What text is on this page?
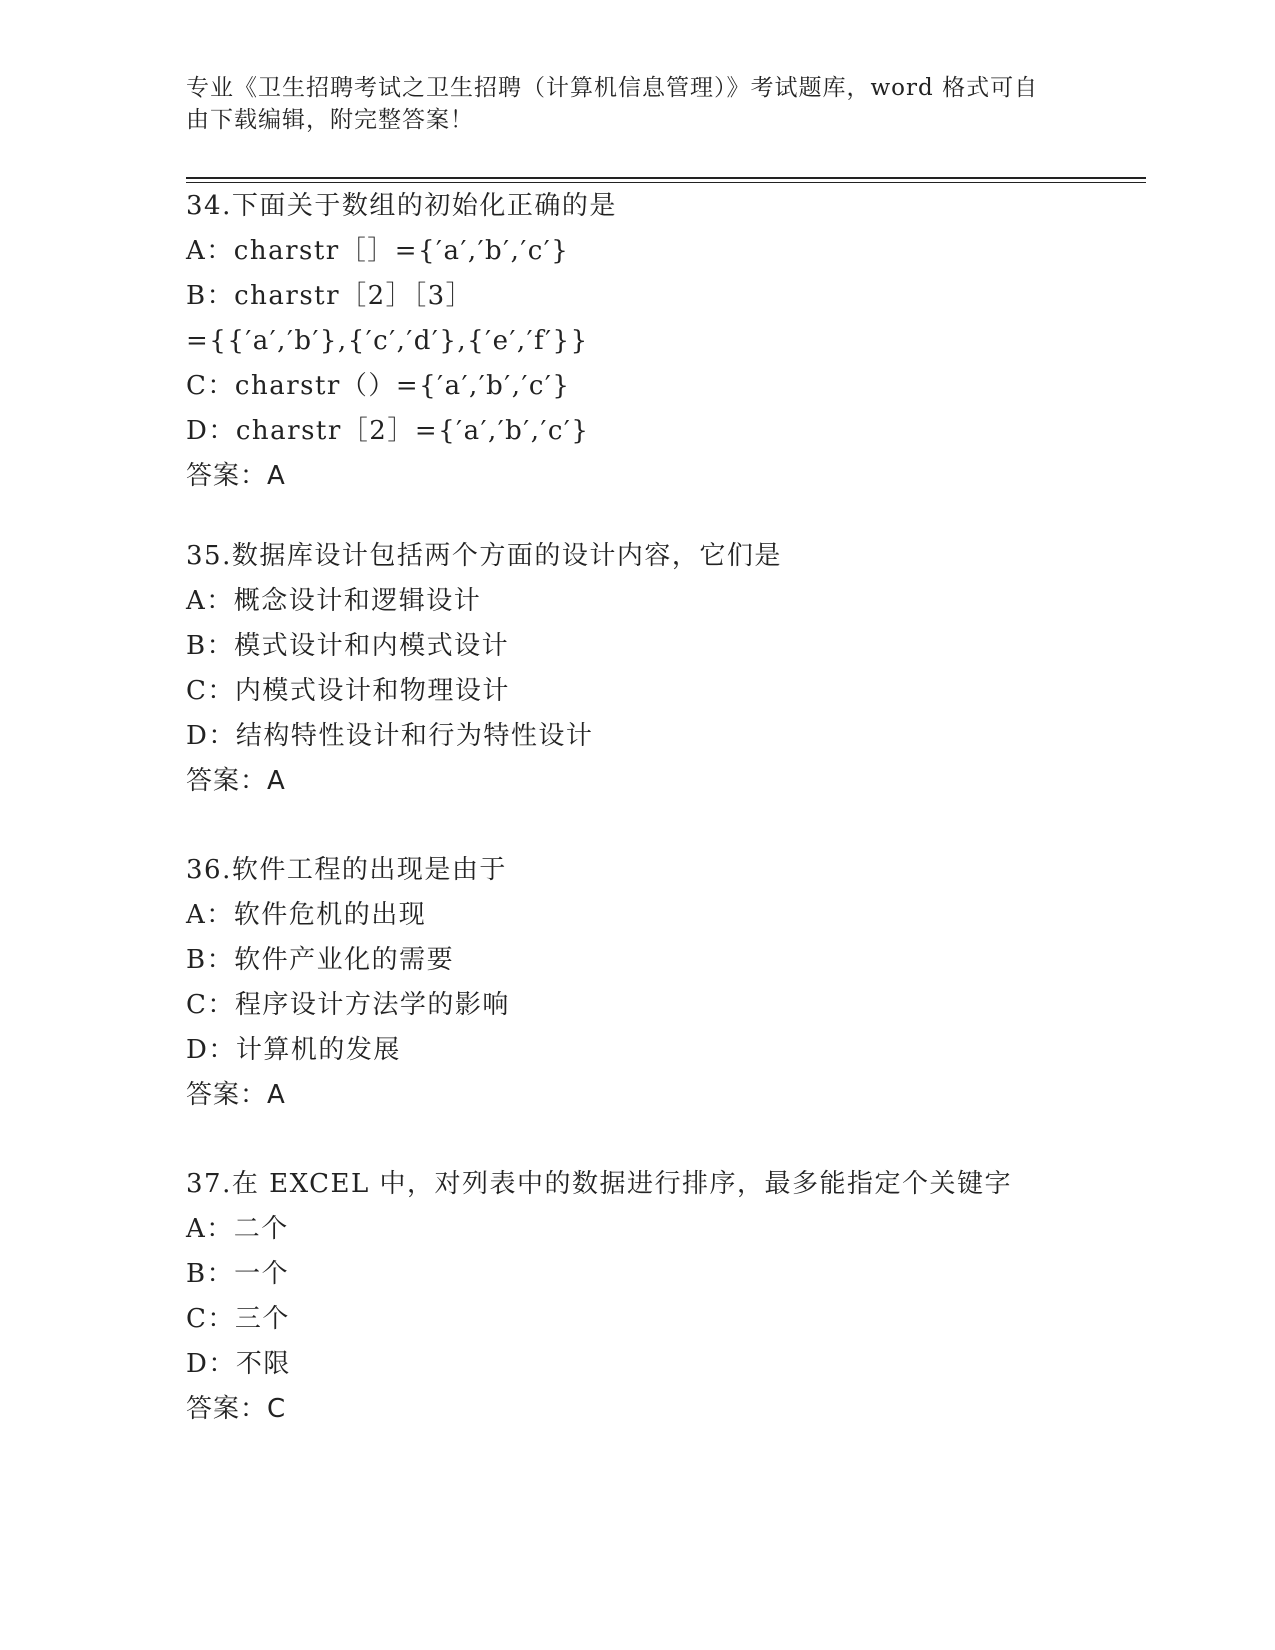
专业《卫生招聘考试之卫生招聘（计算机信息管理）》考试题库，word 格式可自
由下载编辑，附完整答案！
34.下面关于数组的初始化正确的是
A：charstr［］={′a′,′b′,′c′}
B：charstr［2］［3］
={{′a′,′b′},{′c′,′d′},{′e′,′f′}}
C：charstr（）={′a′,′b′,′c′}
D：charstr［2］={′a′,′b′,′c′}
答案：A
35.数据库设计包括两个方面的设计内容，它们是
A：概念设计和逻辑设计
B：模式设计和内模式设计
C：内模式设计和物理设计
D：结构特性设计和行为特性设计
答案：A
36.软件工程的出现是由于
A：软件危机的出现
B：软件产业化的需要
C：程序设计方法学的影响
D：计算机的发展
答案：A
37.在 EXCEL 中，对列表中的数据进行排序，最多能指定个关键字
A：二个
B：一个
C：三个
D：不限
答案：C
